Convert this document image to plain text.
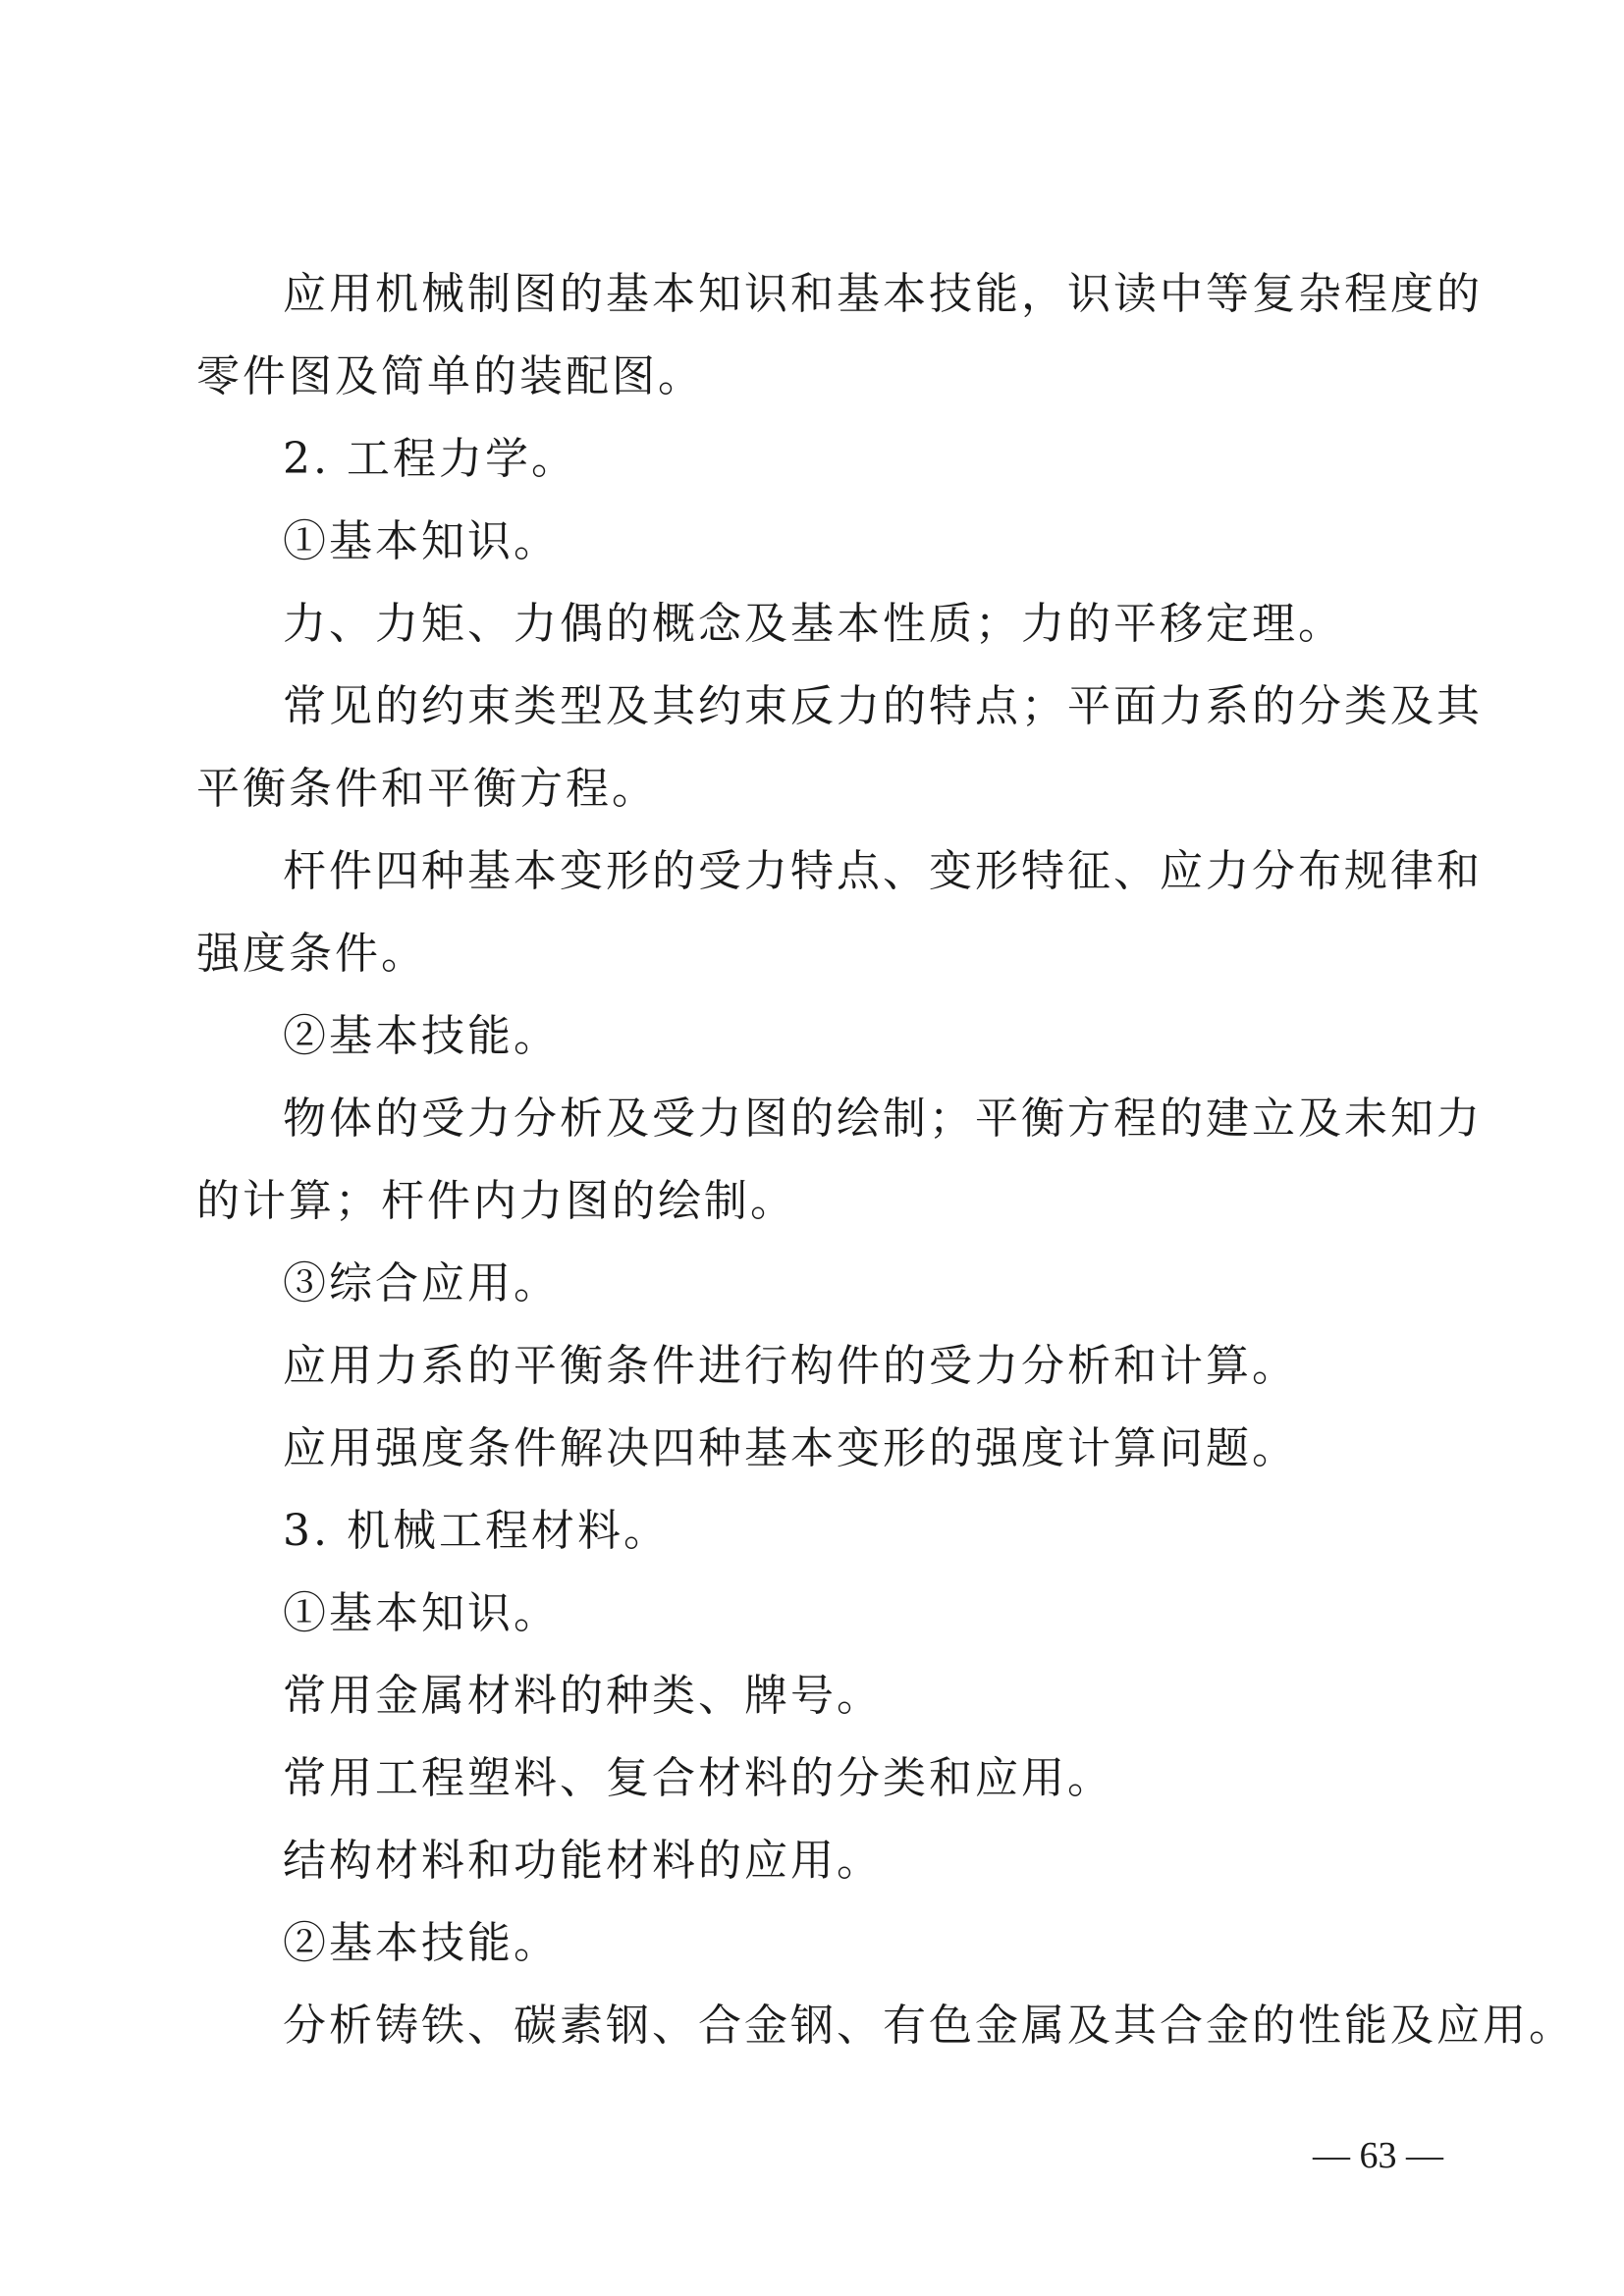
应用机械制图的基本知识和基本技能，识读中等复杂程度的
零件图及简单的装配图。
2. 工程力学。
①基本知识。
力、力矩、力偶的概念及基本性质；力的平移定理。
常见的约束类型及其约束反力的特点；平面力系的分类及其
平衡条件和平衡方程。
杆件四种基本变形的受力特点、变形特征、应力分布规律和
强度条件。
②基本技能。
物体的受力分析及受力图的绘制；平衡方程的建立及未知力
的计算；杆件内力图的绘制。
③综合应用。
应用力系的平衡条件进行构件的受力分析和计算。
应用强度条件解决四种基本变形的强度计算问题。
3. 机械工程材料。
①基本知识。
常用金属材料的种类、牌号。
常用工程塑料、复合材料的分类和应用。
结构材料和功能材料的应用。
②基本技能。
分析铸铁、碳素钢、合金钢、有色金属及其合金的性能及应用。
— 63 —
